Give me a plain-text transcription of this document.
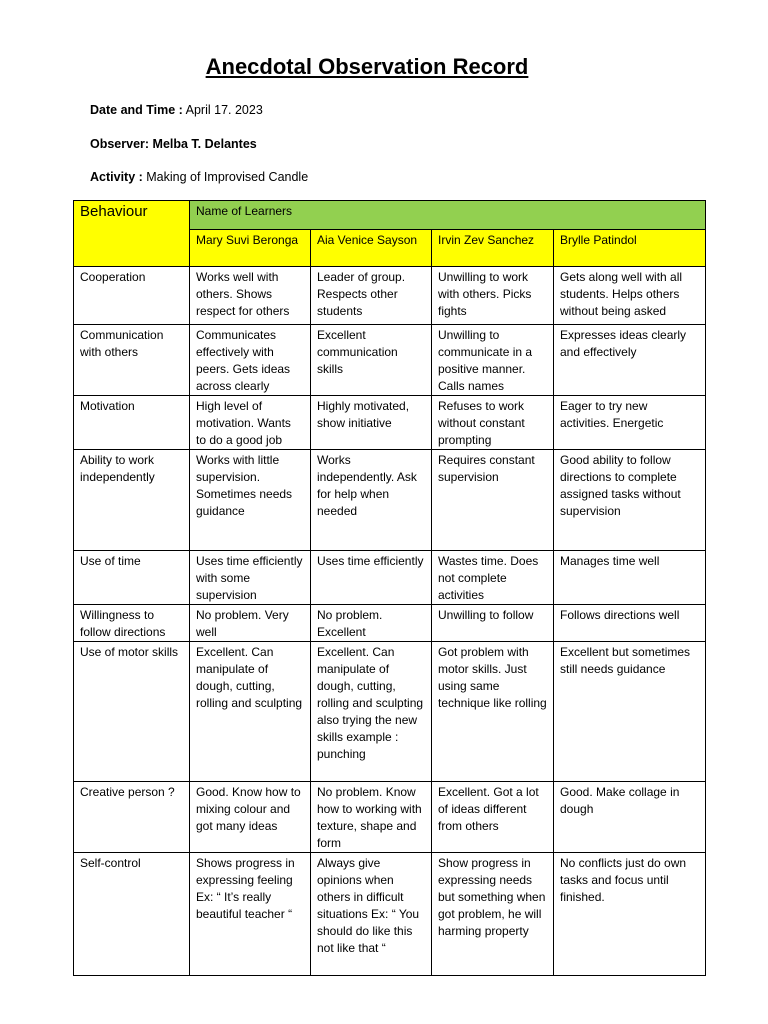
Anecdotal Observation Record
Date and Time : April 17. 2023
Observer: Melba T. Delantes
Activity : Making of Improvised Candle
Behaviour	Name of Learners			
	Mary Suvi Beronga	Aia Venice Sayson	Irvin Zev Sanchez	Brylle Patindol
Cooperation	Works well with others. Shows respect for others	Leader of group. Respects other students	Unwilling to work with others. Picks fights	Gets along well with all students. Helps others without being asked
Communication with others	Communicates effectively with peers. Gets ideas across clearly	Excellent communication skills	Unwilling to communicate in a positive manner. Calls names	Expresses ideas clearly and effectively
Motivation	High level of motivation. Wants to do a good job	Highly motivated, show initiative	Refuses to work without constant prompting	Eager to try new activities. Energetic
Ability to work independently	Works with little supervision. Sometimes needs guidance	Works independently. Ask for help when needed	Requires constant supervision	Good ability to follow directions to complete assigned tasks without supervision
Use of time	Uses time efficiently with some supervision	Uses time efficiently	Wastes time. Does not complete activities	Manages time well
Willingness to follow directions	No problem. Very well	No problem. Excellent	Unwilling to follow	Follows directions well
Use of motor skills	Excellent. Can manipulate of dough, cutting, rolling and sculpting	Excellent. Can manipulate of dough, cutting, rolling and sculpting also trying the new skills example : punching	Got problem with motor skills. Just using same technique like rolling	Excellent but sometimes still needs guidance
Creative person ?	Good. Know how to mixing colour and got many ideas	No problem. Know how to working with texture, shape and form	Excellent. Got a lot of ideas different from others	Good. Make collage in dough
Self-control	Shows progress in expressing feeling Ex: “ It’s really beautiful teacher “	Always give opinions when others in difficult situations Ex: “ You should do like this not like that “	Show progress in expressing needs but something when got problem, he will harming property	No conflicts just do own tasks and focus until finished.
